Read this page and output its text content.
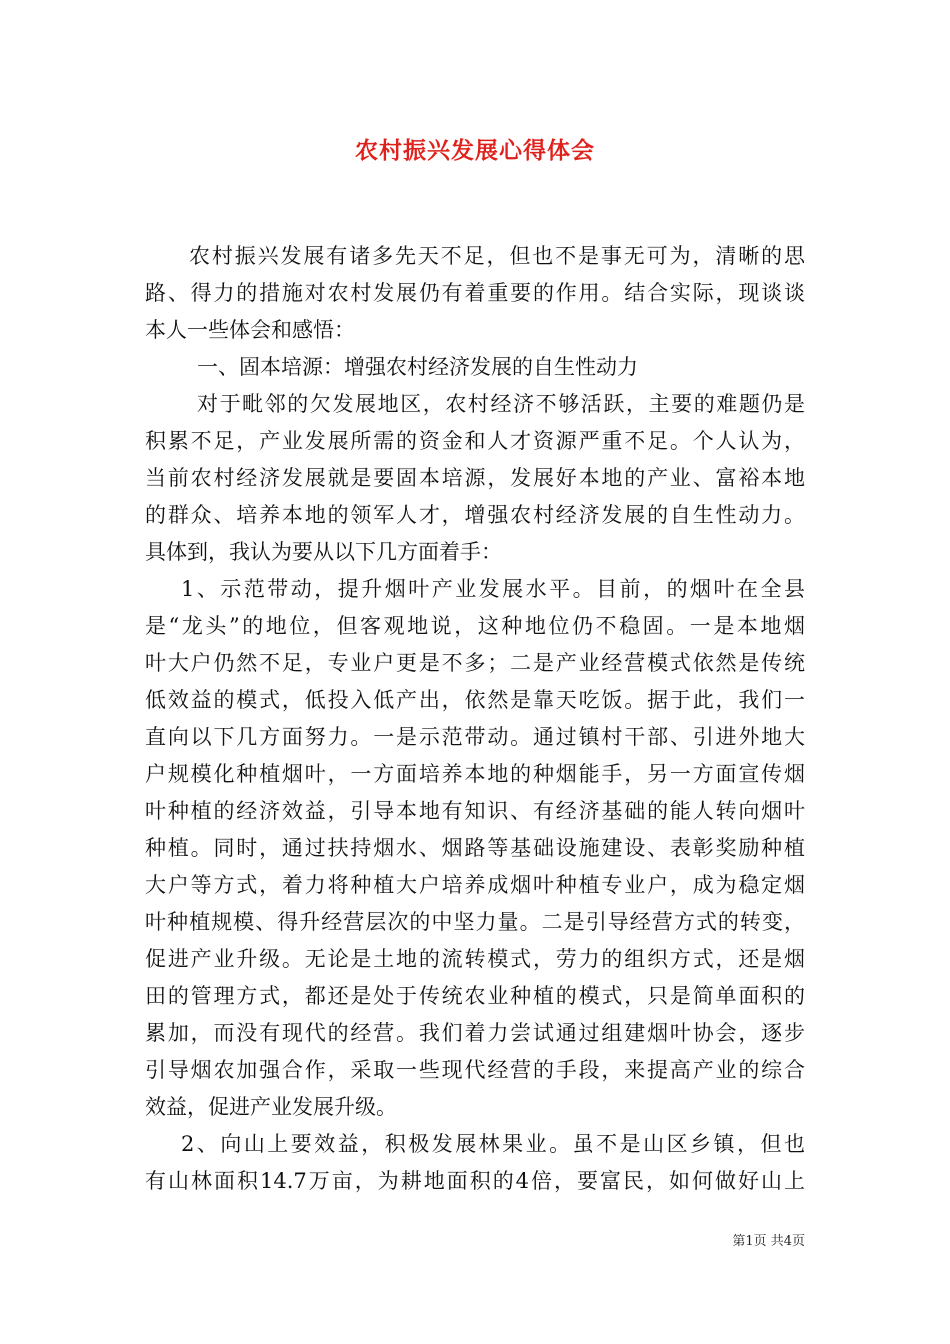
农村振兴发展心得体会
农村振兴发展有诸多先天不足，但也不是事无可为，清晰的思
路、得力的措施对农村发展仍有着重要的作用。结合实际，现谈谈
本人一些体会和感悟：
一、固本培源：增强农村经济发展的自生性动力
对于毗邻的欠发展地区，农村经济不够活跃，主要的难题仍是
积累不足，产业发展所需的资金和人才资源严重不足。个人认为，
当前农村经济发展就是要固本培源，发展好本地的产业、富裕本地
的群众、培养本地的领军人才，增强农村经济发展的自生性动力。
具体到，我认为要从以下几方面着手：
1、示范带动，提升烟叶产业发展水平。目前，的烟叶在全县
是“龙头”的地位，但客观地说，这种地位仍不稳固。一是本地烟
叶大户仍然不足，专业户更是不多；二是产业经营模式依然是传统
低效益的模式，低投入低产出，依然是靠天吃饭。据于此，我们一
直向以下几方面努力。一是示范带动。通过镇村干部、引进外地大
户规模化种植烟叶，一方面培养本地的种烟能手，另一方面宣传烟
叶种植的经济效益，引导本地有知识、有经济基础的能人转向烟叶
种植。同时，通过扶持烟水、烟路等基础设施建设、表彰奖励种植
大户等方式，着力将种植大户培养成烟叶种植专业户，成为稳定烟
叶种植规模、得升经营层次的中坚力量。二是引导经营方式的转变，
促进产业升级。无论是土地的流转模式，劳力的组织方式，还是烟
田的管理方式，都还是处于传统农业种植的模式，只是简单面积的
累加，而没有现代的经营。我们着力尝试通过组建烟叶协会，逐步
引导烟农加强合作，采取一些现代经营的手段，来提高产业的综合
效益，促进产业发展升级。
2、向山上要效益，积极发展林果业。虽不是山区乡镇，但也
有山林面积14.7万亩，为耕地面积的4倍，要富民，如何做好山上
第1页 共4页
